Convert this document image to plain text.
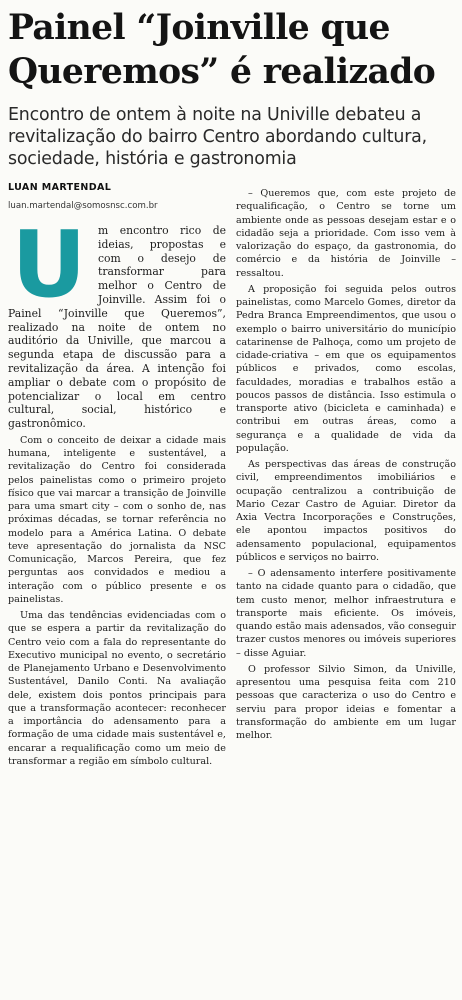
Painel “Joinville que Queremos” é realizado

Encontro de ontem à noite na Univille debateu a revitalização do bairro Centro abordando cultura, sociedade, história e gastronomia

LUAN MARTENDAL
luan.martendal@somosnsc.com.br
U	m encontro rico de ideias, propostas e com o desejo de transformar para melhor o Centro de Joinville. Assim foi o Painel “Joinville que Queremos”, realizado na noite de ontem no auditório da Univille, que marcou a segunda etapa de discussão para a revitalização da área. A intenção foi ampliar o debate com o propósito de potencializar o local em centro cultural, social, histórico e gastronômico.

Com o conceito de deixar a cidade mais humana, inteligente e sustentável, a revitalização do Centro foi considerada pelos painelistas como o primeiro projeto físico que vai marcar a transição de Joinville para uma smart city – com o sonho de, nas próximas décadas, se tornar referência no modelo para a América Latina. O debate teve apresentação do jornalista da NSC Comunicação, Marcos Pereira, que fez perguntas aos convidados e mediou a interação com o público presente e os painelistas.

Uma das tendências evidenciadas com o que se espera a partir da revitalização do Centro veio com a fala do representante do Executivo municipal no evento, o secretário de Planejamento Urbano e Desenvolvimento Sustentável, Danilo Conti. Na avaliação dele, existem dois pontos principais para que a transformação acontecer: reconhecer a importância do adensamento para a formação de uma cidade mais sustentável e, encarar a requalificação como um meio de transformar a região em símbolo cultural.

– Queremos que, com este projeto de requalificação, o Centro se torne um ambiente onde as pessoas desejam estar e o cidadão seja a prioridade. Com isso vem à valorização do espaço, da gastronomia, do comércio e da história de Joinville – ressaltou.

A proposição foi seguida pelos outros painelistas, como Marcelo Gomes, diretor da Pedra Branca Empreendimentos, que usou o exemplo o bairro universitário do município catarinense de Palhoça, como um projeto de cidade-criativa – em que os equipamentos públicos e privados, como escolas, faculdades, moradias e trabalhos estão a poucos passos de distância. Isso estimula o transporte ativo (bicicleta e caminhada) e contribui em outras áreas, como a segurança e a qualidade de vida da população.

As perspectivas das áreas de construção civil, empreendimentos imobiliários e ocupação centralizou a contribuição de Mario Cezar Castro de Aguiar. Diretor da Axia Vectra Incorporações e Construções, ele apontou impactos positivos do adensamento populacional, equipamentos públicos e serviços no bairro.

– O adensamento interfere positivamente tanto na cidade quanto para o cidadão, que tem custo menor, melhor infraestrutura e transporte mais eficiente. Os imóveis, quando estão mais adensados, vão conseguir trazer custos menores ou imóveis superiores – disse Aguiar.

O professor Silvio Simon, da Univille, apresentou uma pesquisa feita com 210 pessoas que caracteriza o uso do Centro e serviu para propor ideias e fomentar a transformação do ambiente em um lugar melhor.
